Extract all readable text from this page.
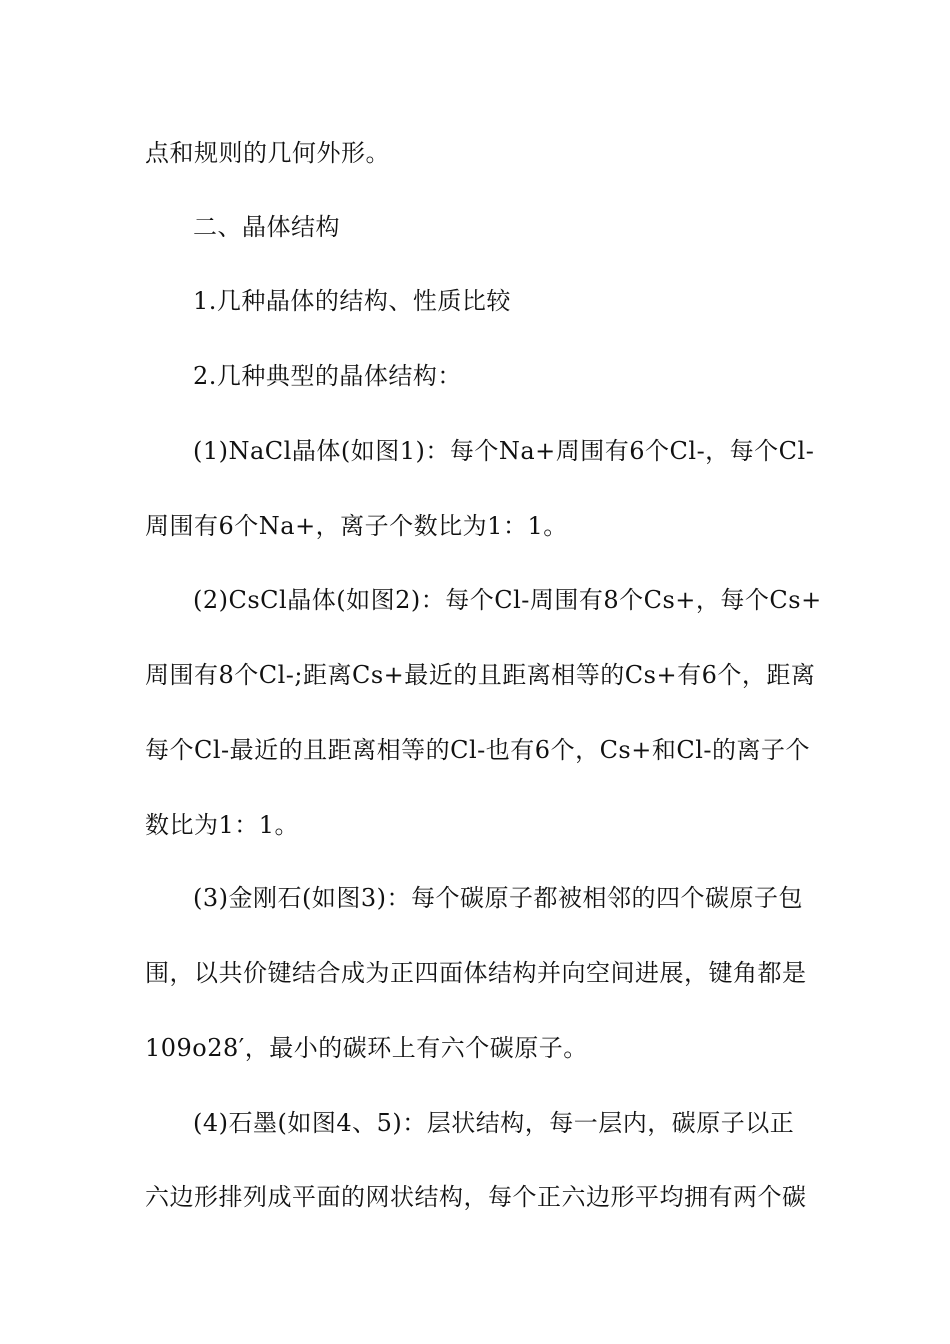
点和规则的几何外形。
二、晶体结构
1.几种晶体的结构、性质比较
2.几种典型的晶体结构：
(1)NaCl晶体(如图1)：每个Na+周围有6个Cl-，每个Cl-
周围有6个Na+，离子个数比为1：1。
(2)CsCl晶体(如图2)：每个Cl-周围有8个Cs+，每个Cs+
周围有8个Cl-;距离Cs+最近的且距离相等的Cs+有6个，距离
每个Cl-最近的且距离相等的Cl-也有6个，Cs+和Cl-的离子个
数比为1：1。
(3)金刚石(如图3)：每个碳原子都被相邻的四个碳原子包
围，以共价键结合成为正四面体结构并向空间进展，键角都是
109o28′，最小的碳环上有六个碳原子。
(4)石墨(如图4、5)：层状结构，每一层内，碳原子以正
六边形排列成平面的网状结构，每个正六边形平均拥有两个碳
